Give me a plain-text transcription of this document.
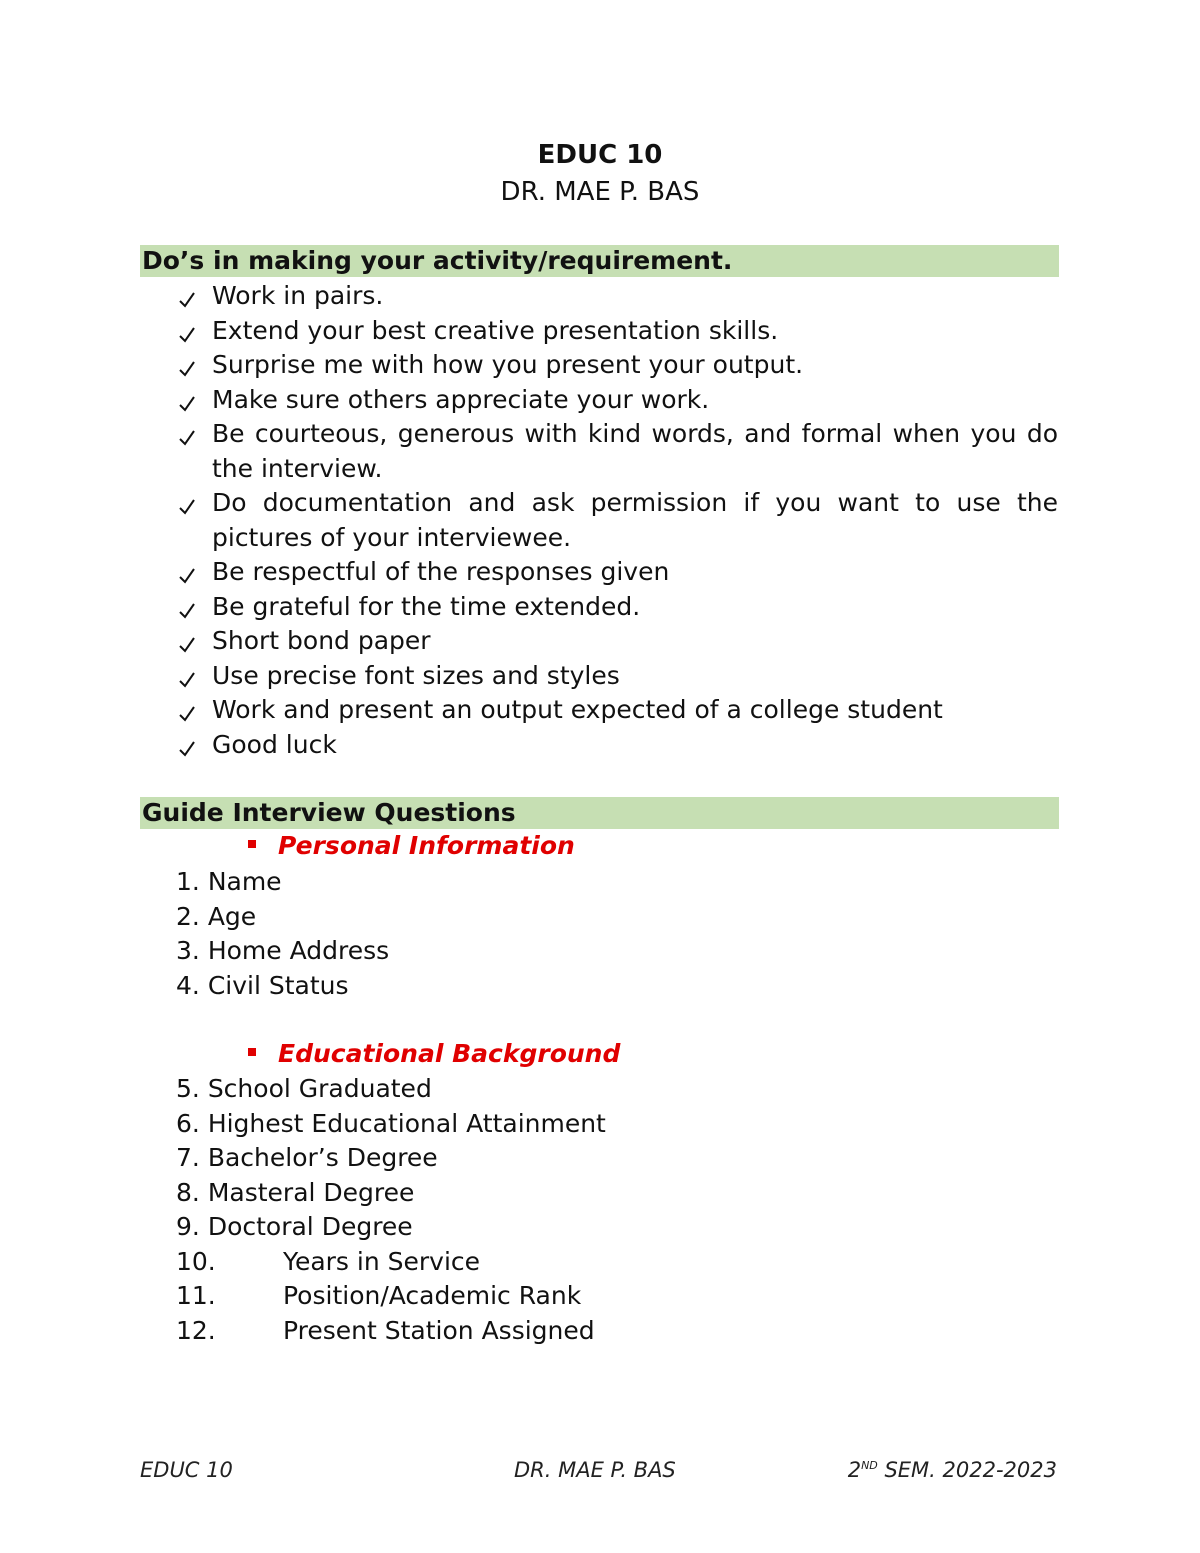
EDUC 10
DR. MAE P. BAS
Do’s in making your activity/requirement.
Work in pairs.
Extend your best creative presentation skills.
Surprise me with how you present your output.
Make sure others appreciate your work.
Be courteous, generous with kind words, and formal when you do the interview.
Do documentation and ask permission if you want to use the pictures of your interviewee.
Be respectful of the responses given
Be grateful for the time extended.
Short bond paper
Use precise font sizes and styles
Work and present an output expected of a college student
Good luck
Guide Interview Questions
Personal Information
1. Name
2. Age
3. Home Address
4. Civil Status
Educational Background
5. School Graduated
6. Highest Educational Attainment
7. Bachelor’s Degree
8. Masteral Degree
9. Doctoral Degree
10.	Years in Service
11.	Position/Academic Rank
12.	Present Station Assigned
EDUC 10	DR. MAE P. BAS	2ND SEM. 2022-2023
